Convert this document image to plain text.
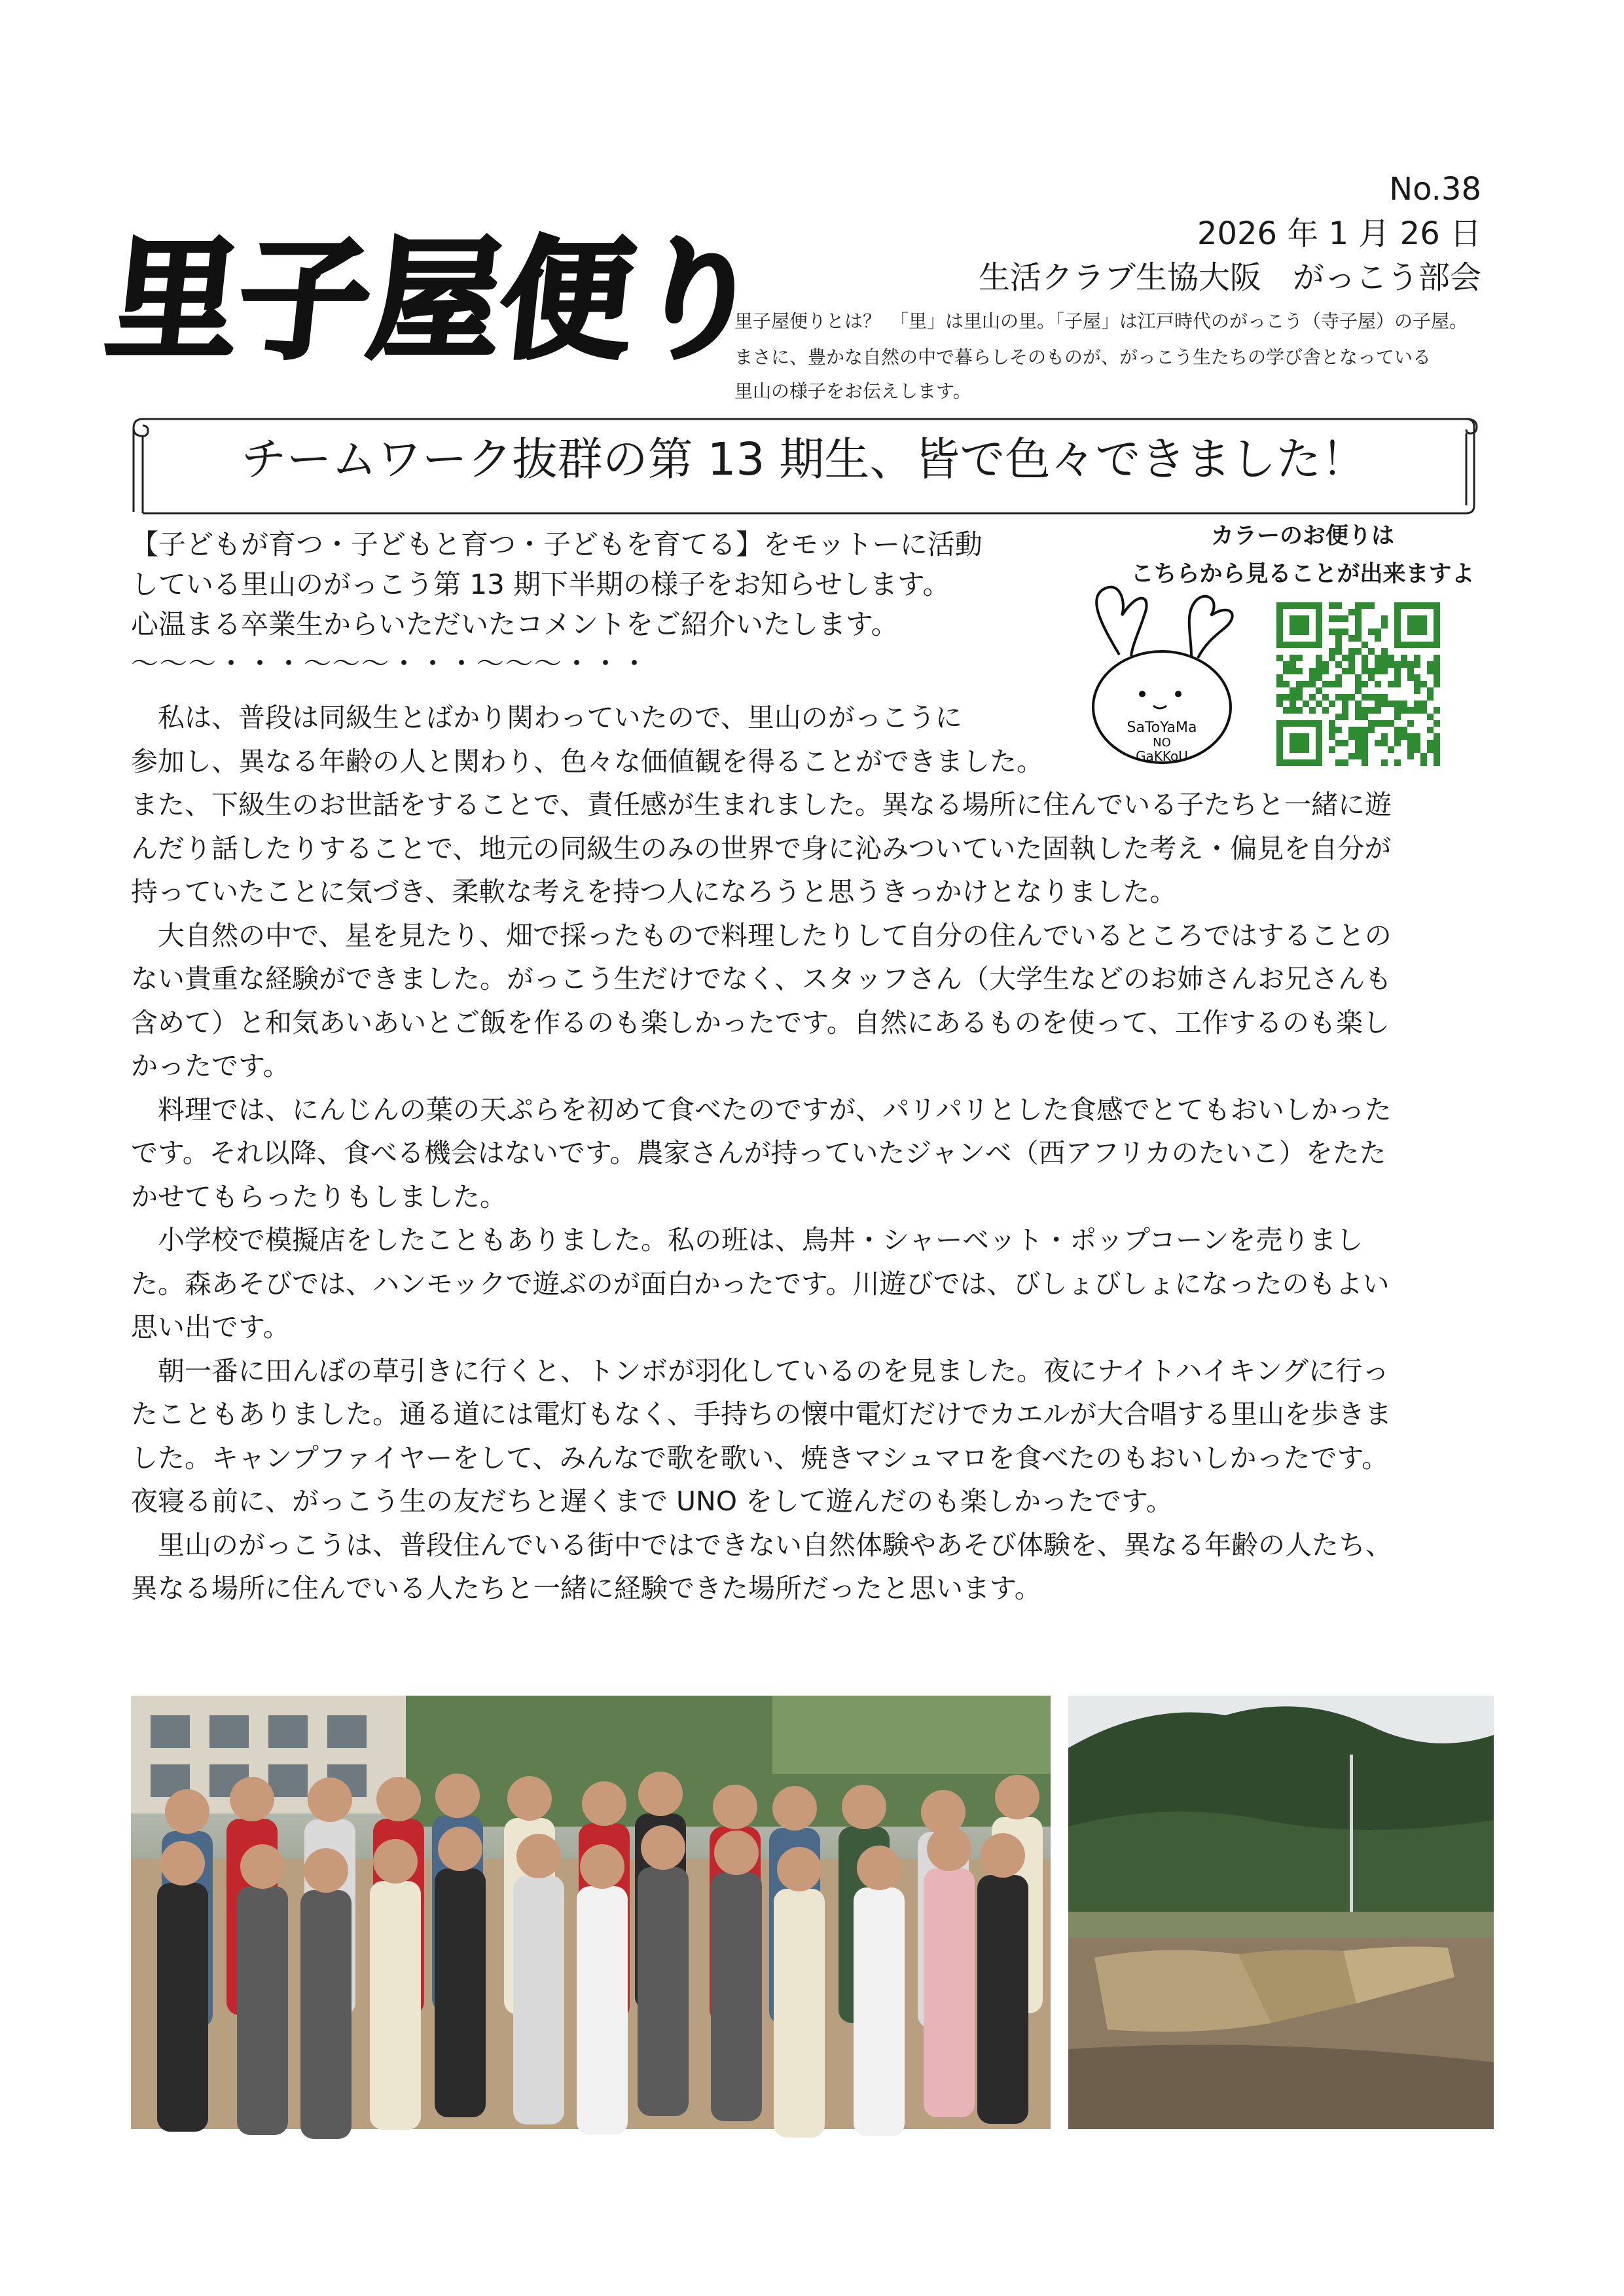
里子屋便り
No.38
2026 年 1 月 26 日
生活クラブ生協大阪　がっこう部会
里子屋便りとは？　「里」は里山の里。「子屋」は江戸時代のがっこう（寺子屋）の子屋。
まさに、豊かな自然の中で暮らしそのものが、がっこう生たちの学び舎となっている
里山の様子をお伝えします。
チームワーク抜群の第 13 期生、皆で色々できました！
【子どもが育つ・子どもと育つ・子どもを育てる】をモットーに活動
している里山のがっこう第 13 期下半期の様子をお知らせします。
心温まる卒業生からいただいたコメントをご紹介いたします。
〜〜〜・・・〜〜〜・・・〜〜〜・・・
カラーのお便りは
こちらから見ることが出来ますよ
SaToYaMa
NO
GaKKoU

　私は、普段は同級生とばかり関わっていたので、里山のがっこうに

参加し、異なる年齢の人と関わり、色々な価値観を得ることができました。

また、下級生のお世話をすることで、責任感が生まれました。異なる場所に住んでいる子たちと一緒に遊

んだり話したりすることで、地元の同級生のみの世界で身に沁みついていた固執した考え・偏見を自分が

持っていたことに気づき、柔軟な考えを持つ人になろうと思うきっかけとなりました。

　大自然の中で、星を見たり、畑で採ったもので料理したりして自分の住んでいるところではすることの

ない貴重な経験ができました。がっこう生だけでなく、スタッフさん（大学生などのお姉さんお兄さんも

含めて）と和気あいあいとご飯を作るのも楽しかったです。自然にあるものを使って、工作するのも楽し

かったです。

　料理では、にんじんの葉の天ぷらを初めて食べたのですが、パリパリとした食感でとてもおいしかった

です。それ以降、食べる機会はないです。農家さんが持っていたジャンベ（西アフリカのたいこ）をたた

かせてもらったりもしました。

　小学校で模擬店をしたこともありました。私の班は、鳥丼・シャーベット・ポップコーンを売りまし

た。森あそびでは、ハンモックで遊ぶのが面白かったです。川遊びでは、びしょびしょになったのもよい

思い出です。

　朝一番に田んぼの草引きに行くと、トンボが羽化しているのを見ました。夜にナイトハイキングに行っ

たこともありました。通る道には電灯もなく、手持ちの懐中電灯だけでカエルが大合唱する里山を歩きま

した。キャンプファイヤーをして、みんなで歌を歌い、焼きマシュマロを食べたのもおいしかったです。

夜寝る前に、がっこう生の友だちと遅くまで UNO をして遊んだのも楽しかったです。

　里山のがっこうは、普段住んでいる街中ではできない自然体験やあそび体験を、異なる年齢の人たち、

異なる場所に住んでいる人たちと一緒に経験できた場所だったと思います。
